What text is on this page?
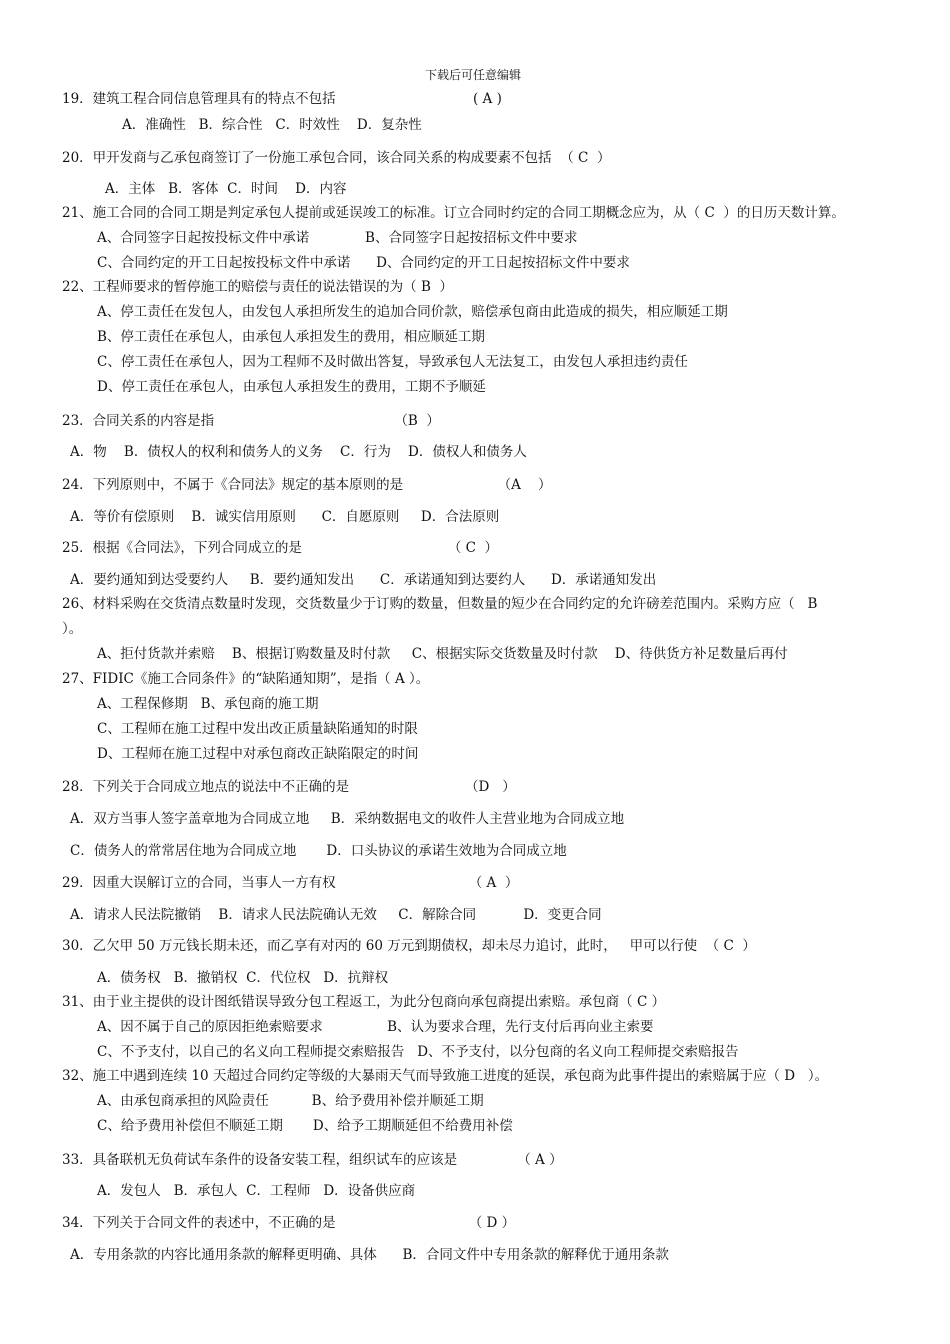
下载后可任意编辑
19．建筑工程合同信息管理具有的特点不包括                                ( A )
A．准确性   B．综合性   C．时效性    D．复杂性
20．甲开发商与乙承包商签订了一份施工承包合同，该合同关系的构成要素不包括  （ C  ）
A．主体   B．客体  C．时间    D．内容
21、施工合同的合同工期是判定承包人提前或延误竣工的标准。订立合同时约定的合同工期概念应为，从（ C  ）的日历天数计算。
A、合同签字日起按投标文件中承诺             B、合同签字日起按招标文件中要求
C、合同约定的开工日起按投标文件中承诺      D、合同约定的开工日起按招标文件中要求
22、工程师要求的暂停施工的赔偿与责任的说法错误的为（ B  ）
A、停工责任在发包人，由发包人承担所发生的追加合同价款，赔偿承包商由此造成的损失，相应顺延工期
B、停工责任在承包人，由承包人承担发生的费用，相应顺延工期
C、停工责任在承包人，因为工程师不及时做出答复，导致承包人无法复工，由发包人承担违约责任
D、停工责任在承包人，由承包人承担发生的费用，工期不予顺延
23．合同关系的内容是指                                          （B  ）
A．物    B．债权人的权利和债务人的义务    C．行为    D．债权人和债务人
24．下列原则中，不属于《合同法》规定的基本原则的是                      （A    ）
A．等价有偿原则    B．诚实信用原则      C．自愿原则     D．合法原则
25．根据《合同法》，下列合同成立的是                                  （ C  ）
A．要约通知到达受要约人     B．要约通知发出      C．承诺通知到达要约人      D．承诺通知发出
26、材料采购在交货清点数量时发现，交货数量少于订购的数量，但数量的短少在合同约定的允许磅差范围内。采购方应（   B
）。
A、拒付货款并索赔    B、根据订购数量及时付款     C、根据实际交货数量及时付款    D、待供货方补足数量后再付
27、FIDIC《施工合同条件》的“缺陷通知期”，是指（ A ）。
A、工程保修期   B、承包商的施工期
C、工程师在施工过程中发出改正质量缺陷通知的时限
D、工程师在施工过程中对承包商改正缺陷限定的时间
28．下列关于合同成立地点的说法中不正确的是                           （D   ）
A．双方当事人签字盖章地为合同成立地     B．采纳数据电文的收件人主营业地为合同成立地
C．债务人的常常居住地为合同成立地       D．口头协议的承诺生效地为合同成立地
29．因重大误解订立的合同，当事人一方有权                               （ A  ）
A．请求人民法院撤销    B．请求人民法院确认无效     C．解除合同           D．变更合同
30．乙欠甲 50 万元钱长期未还，而乙享有对丙的 60 万元到期债权，却未尽力追讨，此时，   甲可以行使  （ C  ）
A．债务权   B．撤销权  C．代位权   D．抗辩权
31、由于业主提供的设计图纸错误导致分包工程返工，为此分包商向承包商提出索赔。承包商（ C ）
A、因不属于自己的原因拒绝索赔要求               B、认为要求合理，先行支付后再向业主索要
C、不予支付，以自己的名义向工程师提交索赔报告   D、不予支付，以分包商的名义向工程师提交索赔报告
32、施工中遇到连续 10 天超过合同约定等级的大暴雨天气而导致施工进度的延误，承包商为此事件提出的索赔属于应（ D   ）。
A、由承包商承担的风险责任          B、给予费用补偿并顺延工期
C、给予费用补偿但不顺延工期       D、给予工期顺延但不给费用补偿
33．具备联机无负荷试车条件的设备安装工程，组织试车的应该是              （ A ）
A．发包人   B．承包人  C．工程师   D．设备供应商
34．下列关于合同文件的表述中，不正确的是                               （ D ）
A．专用条款的内容比通用条款的解释更明确、具体      B．合同文件中专用条款的解释优于通用条款
